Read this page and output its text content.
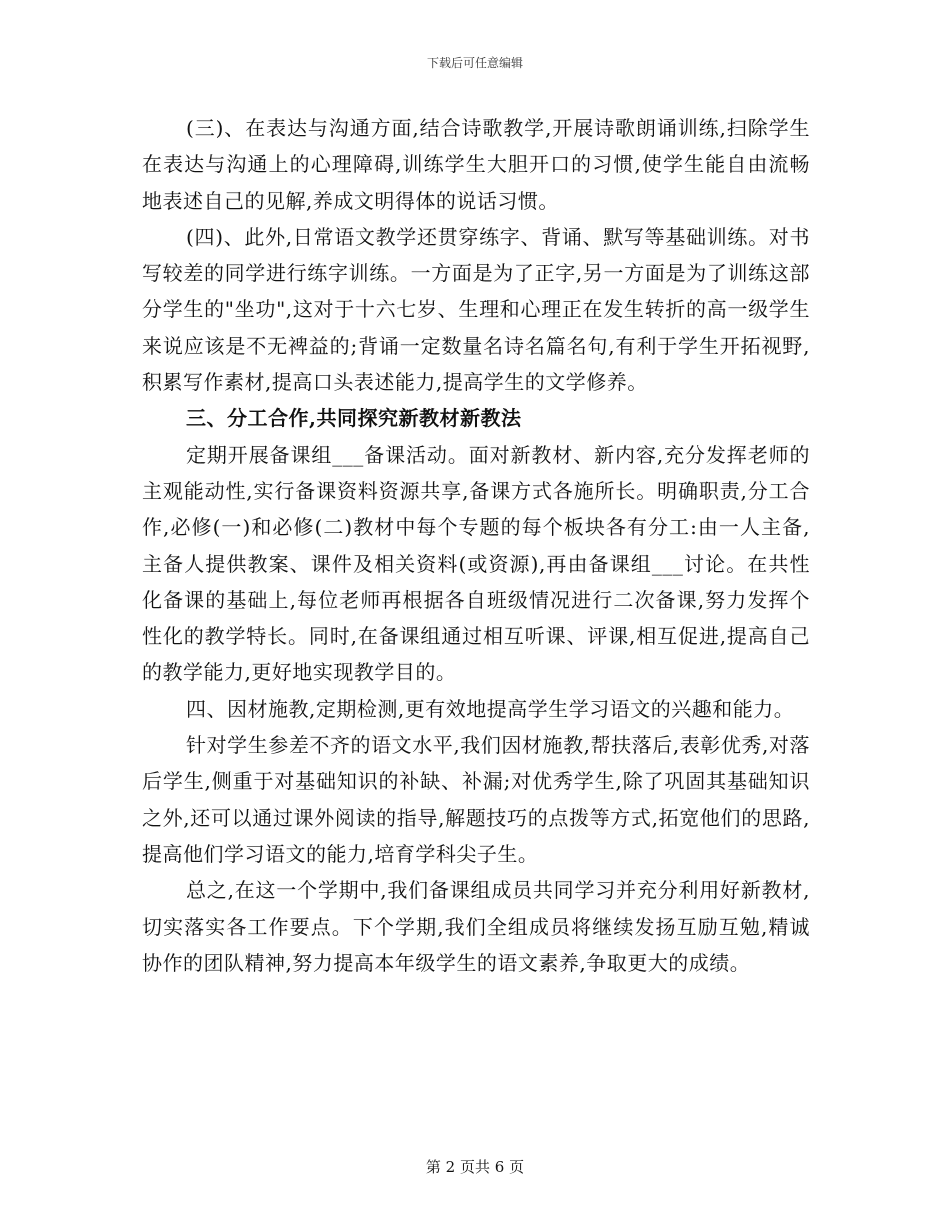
下载后可任意编辑

(三)、在表达与沟通方面,结合诗歌教学,开展诗歌朗诵训练,扫除学生在表达与沟通上的心理障碍,训练学生大胆开口的习惯,使学生能自由流畅地表述自己的见解,养成文明得体的说话习惯。

(四)、此外,日常语文教学还贯穿练字、背诵、默写等基础训练。对书写较差的同学进行练字训练。一方面是为了正字,另一方面是为了训练这部分学生的"坐功",这对于十六七岁、生理和心理正在发生转折的高一级学生来说应该是不无裨益的;背诵一定数量名诗名篇名句,有利于学生开拓视野,积累写作素材,提高口头表述能力,提高学生的文学修养。

三、分工合作,共同探究新教材新教法

定期开展备课组___备课活动。面对新教材、新内容,充分发挥老师的主观能动性,实行备课资料资源共享,备课方式各施所长。明确职责,分工合作,必修(一)和必修(二)教材中每个专题的每个板块各有分工:由一人主备,主备人提供教案、课件及相关资料(或资源),再由备课组___讨论。在共性化备课的基础上,每位老师再根据各自班级情况进行二次备课,努力发挥个性化的教学特长。同时,在备课组通过相互听课、评课,相互促进,提高自己的教学能力,更好地实现教学目的。

四、因材施教,定期检测,更有效地提高学生学习语文的兴趣和能力。

针对学生参差不齐的语文水平,我们因材施教,帮扶落后,表彰优秀,对落后学生,侧重于对基础知识的补缺、补漏;对优秀学生,除了巩固其基础知识之外,还可以通过课外阅读的指导,解题技巧的点拨等方式,拓宽他们的思路,提高他们学习语文的能力,培育学科尖子生。

总之,在这一个学期中,我们备课组成员共同学习并充分利用好新教材,切实落实各工作要点。下个学期,我们全组成员将继续发扬互励互勉,精诚协作的团队精神,努力提高本年级学生的语文素养,争取更大的成绩。

第 2 页共 6 页
